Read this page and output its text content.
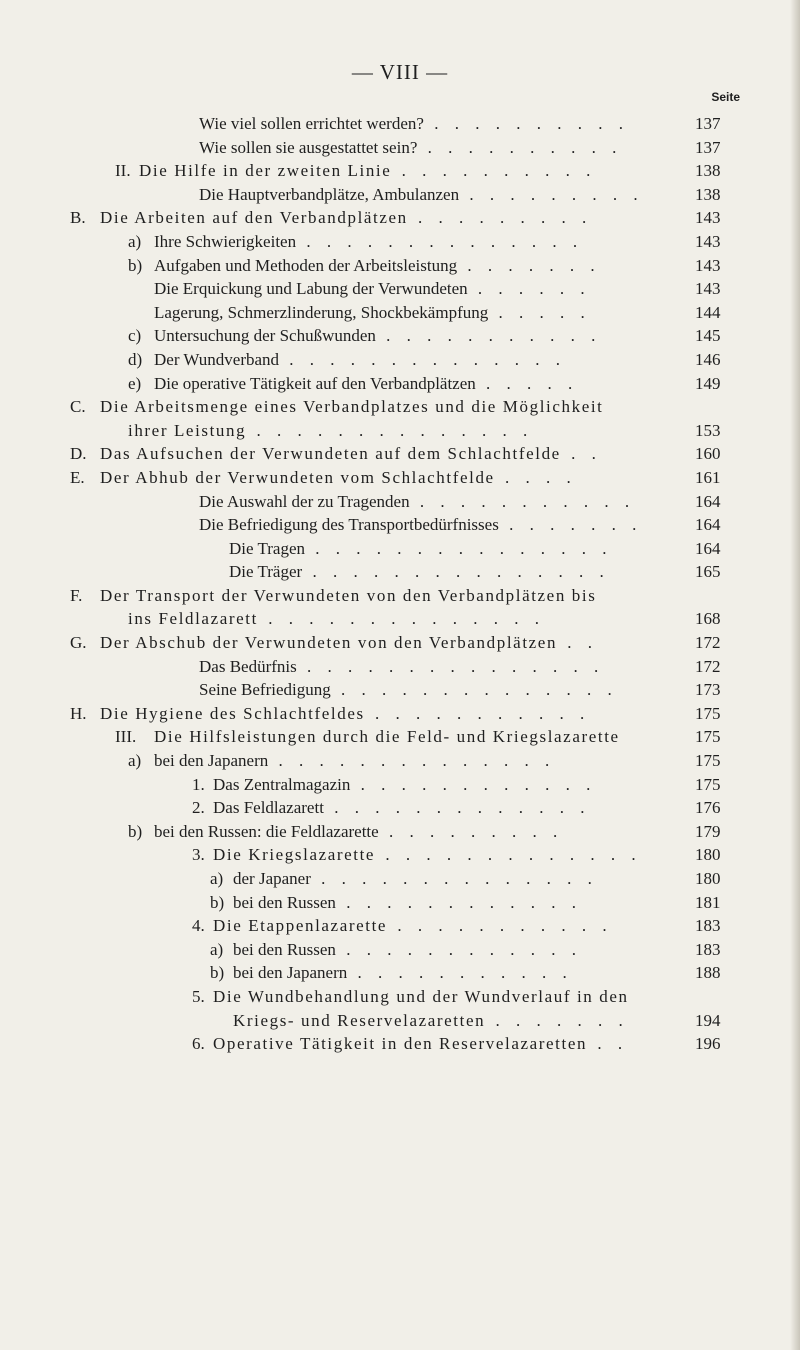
— VIII —
Seite
Wie viel sollen errichtet werden? . . . . . . . . . .	137
Wie sollen sie ausgestattet sein? . . . . . . . . . .	137
II. Die Hilfe in der zweiten Linie . . . . . . . . . .	138
Die Hauptverbandplätze, Ambulanzen . . . . . . . . .	138
B. Die Arbeiten auf den Verbandplätzen . . . . . . . . .	143
a) Ihre Schwierigkeiten . . . . . . . . . . . . . .	143
b) Aufgaben und Methoden der Arbeitsleistung . . . . . . .	143
Die Erquickung und Labung der Verwundeten . . . . . .	143
Lagerung, Schmerzlinderung, Shockbekämpfung . . . . .	144
c) Untersuchung der Schußwunden . . . . . . . . . . .	145
d) Der Wundverband . . . . . . . . . . . . . .	146
e) Die operative Tätigkeit auf den Verbandplätzen . . . . .	149
C. Die Arbeitsmenge eines Verbandplatzes und die Möglichkeit
ihrer Leistung . . . . . . . . . . . . . .	153
D. Das Aufsuchen der Verwundeten auf dem Schlachtfelde . .	160
E. Der Abhub der Verwundeten vom Schlachtfelde . . . .	161
Die Auswahl der zu Tragenden . . . . . . . . . . .	164
Die Befriedigung des Transportbedürfnisses . . . . . . .	164
Die Tragen . . . . . . . . . . . . . . .	164
Die Träger . . . . . . . . . . . . . . .	165
F. Der Transport der Verwundeten von den Verbandplätzen bis
ins Feldlazarett . . . . . . . . . . . . . .	168
G. Der Abschub der Verwundeten von den Verbandplätzen . .	172
Das Bedürfnis . . . . . . . . . . . . . . .	172
Seine Befriedigung . . . . . . . . . . . . . .	173
H. Die Hygiene des Schlachtfeldes . . . . . . . . . . .	175
III. Die Hilfsleistungen durch die Feld- und Kriegslazarette	175
a) bei den Japanern . . . . . . . . . . . . . .	175
1. Das Zentralmagazin . . . . . . . . . . . .	175
2. Das Feldlazarett . . . . . . . . . . . . .	176
b) bei den Russen: die Feldlazarette . . . . . . . . .	179
3. Die Kriegslazarette . . . . . . . . . . . . .	180
a) der Japaner . . . . . . . . . . . . . .	180
b) bei den Russen . . . . . . . . . . . .	181
4. Die Etappenlazarette . . . . . . . . . . .	183
a) bei den Russen . . . . . . . . . . . .	183
b) bei den Japanern . . . . . . . . . . .	188
5. Die Wundbehandlung und der Wundverlauf in den
Kriegs- und Reservelazaretten . . . . . . .	194
6. Operative Tätigkeit in den Reservelazaretten . .	196
